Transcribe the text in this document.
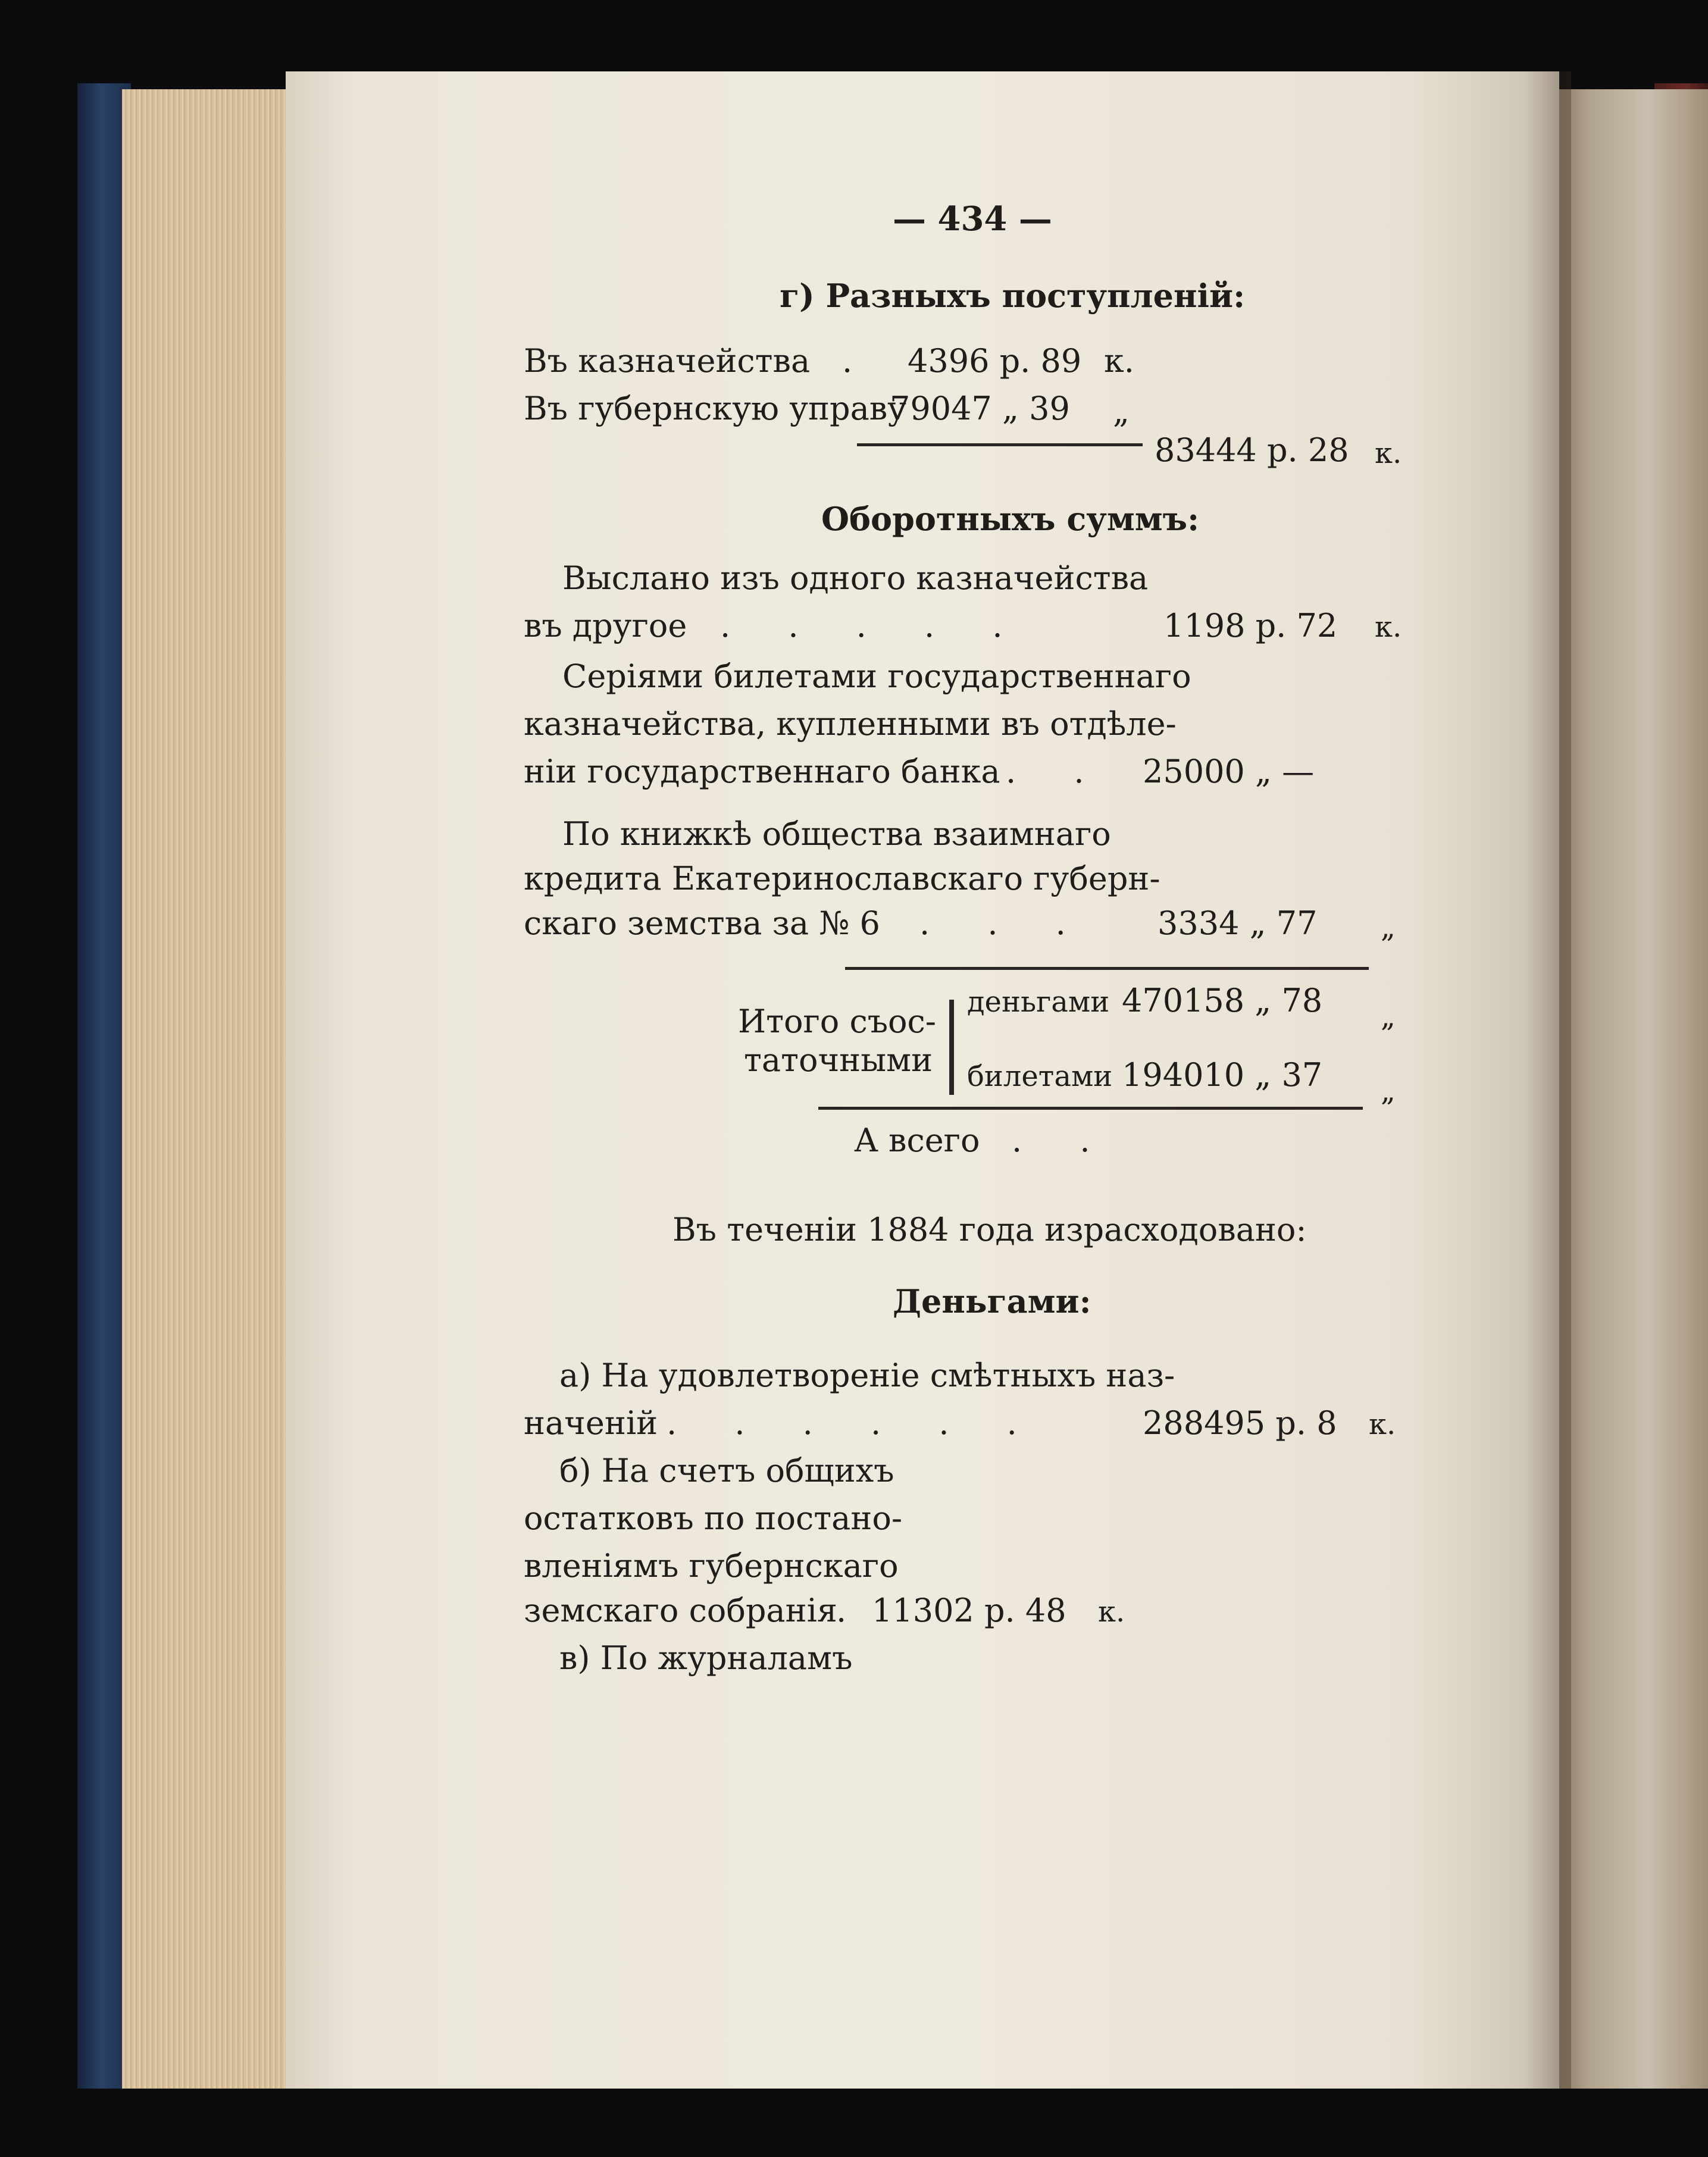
— 434 —
г) Разныхъ поступленій:
Въ казначейства . 4396 р. 89 к.
Въ губернскую управу
79047 „ 39 „
83444 р. 28 к.
Оборотныхъ суммъ:
Выслано изъ одного казначейства
въ другое . . . . .	1198 р. 72 к.
Серіями билетами государственнаго
казначейства, купленными въ отдѣле-
ніи государственнаго банка . . 25000 „ —
По книжкѣ общества взаимнаго
кредита Екатеринославскаго губерн-
скаго земства за № 6 . . . 3334 „ 77 „
Итого съос-
таточными
деньгами 470158 „ 78 „
билетами 194010 „ 37 „
А всего . .
Въ теченіи 1884 года израсходовано:
Деньгами:
а) На удовлетвореніе смѣтныхъ наз-
наченій . . . . . .	288495 р. 8 к.
б) На счетъ общихъ
остатковъ по постано-
вленіямъ губернскаго
земскаго собранія
. 11302 р. 48 к.
в) По журналамъ
